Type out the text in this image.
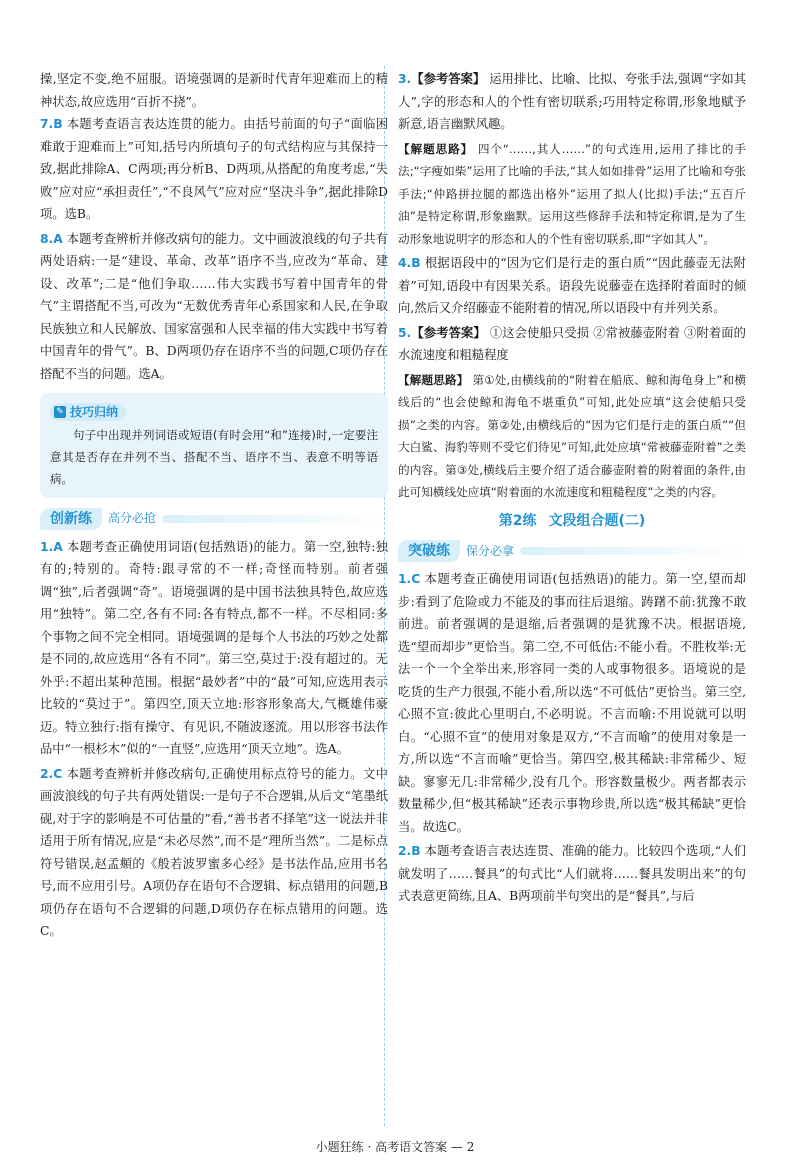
操,坚定不变,绝不屈服。语境强调的是新时代青年迎难而上的精神状态,故应选用“百折不挠”。

7.B 本题考查语言表达连贯的能力。由括号前面的句子“面临困难敢于迎难而上”可知,括号内所填句子的句式结构应与其保持一致,据此排除A、C两项;再分析B、D两项,从搭配的角度考虑,“失败”应对应“承担责任”,“不良风气”应对应“坚决斗争”,据此排除D项。选B。

8.A 本题考查辨析并修改病句的能力。文中画波浪线的句子共有两处语病:一是“建设、革命、改革”语序不当,应改为“革命、建设、改革”;二是“他们争取……伟大实践书写着中国青年的骨气”主谓搭配不当,可改为“无数优秀青年心系国家和人民,在争取民族独立和人民解放、国家富强和人民幸福的伟大实践中书写着中国青年的骨气”。B、D两项仍存在语序不当的问题,C项仍存在搭配不当的问题。选A。

✎ 技巧归纳

句子中出现并列词语或短语(有时会用“和”连接)时,一定要注意其是否存在并列不当、搭配不当、语序不当、表意不明等语病。

创新练	高分必抢

1.A 本题考查正确使用词语(包括熟语)的能力。第一空,独特:独有的;特别的。奇特:跟寻常的不一样;奇怪而特别。前者强调“独”,后者强调“奇”。语境强调的是中国书法独具特色,故应选用“独特”。第二空,各有不同:各有特点,都不一样。不尽相同:多个事物之间不完全相同。语境强调的是每个人书法的巧妙之处都是不同的,故应选用“各有不同”。第三空,莫过于:没有超过的。无外乎:不超出某种范围。根据“最妙者”中的“最”可知,应选用表示比较的“莫过于”。第四空,顶天立地:形容形象高大,气概雄伟豪迈。特立独行:指有操守、有见识,不随波逐流。用以形容书法作品中“一根杉木”似的“一直竖”,应选用“顶天立地”。选A。

2.C 本题考查辨析并修改病句,正确使用标点符号的能力。文中画波浪线的句子共有两处错误:一是句子不合逻辑,从后文“笔墨纸砚,对于字的影响是不可估量的”看,“善书者不择笔”这一说法并非适用于所有情况,应是“未必尽然”,而不是“理所当然”。二是标点符号错误,赵孟頫的《般若波罗蜜多心经》是书法作品,应用书名号,而不应用引号。A项仍存在语句不合逻辑、标点错用的问题,B项仍存在语句不合逻辑的问题,D项仍存在标点错用的问题。选C。

3.【参考答案】 运用排比、比喻、比拟、夸张手法,强调“字如其人”,字的形态和人的个性有密切联系;巧用特定称谓,形象地赋予新意,语言幽默风趣。

【解题思路】 四个“……,其人……”的句式连用,运用了排比的手法;“字瘦如柴”运用了比喻的手法,“其人如如排骨”运用了比喻和夸张手法;“仲路拼拉腿的都选出格外”运用了拟人(比拟)手法;“五百斤油”是特定称谓,形象幽默。运用这些修辞手法和特定称谓,是为了生动形象地说明字的形态和人的个性有密切联系,即“字如其人”。

4.B 根据语段中的“因为它们是行走的蛋白质”“因此藤壶无法附着”可知,语段中有因果关系。语段先说藤壶在选择附着面时的倾向,然后又介绍藤壶不能附着的情况,所以语段中有并列关系。

5.【参考答案】 ①这会使船只受损 ②常被藤壶附着 ③附着面的水流速度和粗糙程度

【解题思路】 第①处,由横线前的“附着在船底、鲸和海龟身上”和横线后的“也会使鲸和海龟不堪重负”可知,此处应填“这会使船只受损”之类的内容。第②处,由横线后的“因为它们是行走的蛋白质”“但大白鲨、海豹等则不受它们待见”可知,此处应填“常被藤壶附着”之类的内容。第③处,横线后主要介绍了适合藤壶附着的附着面的条件,由此可知横线处应填“附着面的水流速度和粗糙程度”之类的内容。

第2练 文段组合题(二)
突破练	保分必拿

1.C 本题考查正确使用词语(包括熟语)的能力。第一空,望而却步:看到了危险或力不能及的事而往后退缩。踌躇不前:犹豫不敢前进。前者强调的是退缩,后者强调的是犹豫不决。根据语境,选“望而却步”更恰当。第二空,不可低估:不能小看。不胜枚举:无法一个一个全举出来,形容同一类的人或事物很多。语境说的是吃货的生产力很强,不能小看,所以选“不可低估”更恰当。第三空,心照不宣:彼此心里明白,不必明说。不言而喻:不用说就可以明白。“心照不宣”的使用对象是双方,“不言而喻”的使用对象是一方,所以选“不言而喻”更恰当。第四空,极其稀缺:非常稀少、短缺。寥寥无几:非常稀少,没有几个。形容数量极少。两者都表示数量稀少,但“极其稀缺”还表示事物珍贵,所以选“极其稀缺”更恰当。故选C。

2.B 本题考查语言表达连贯、准确的能力。比较四个选项,“人们就发明了……餐具”的句式比“人们就将……餐具发明出来”的句式表意更简练,且A、B两项前半句突出的是“餐具”,与后

小题狂练 · 高考语文答案 — 2
